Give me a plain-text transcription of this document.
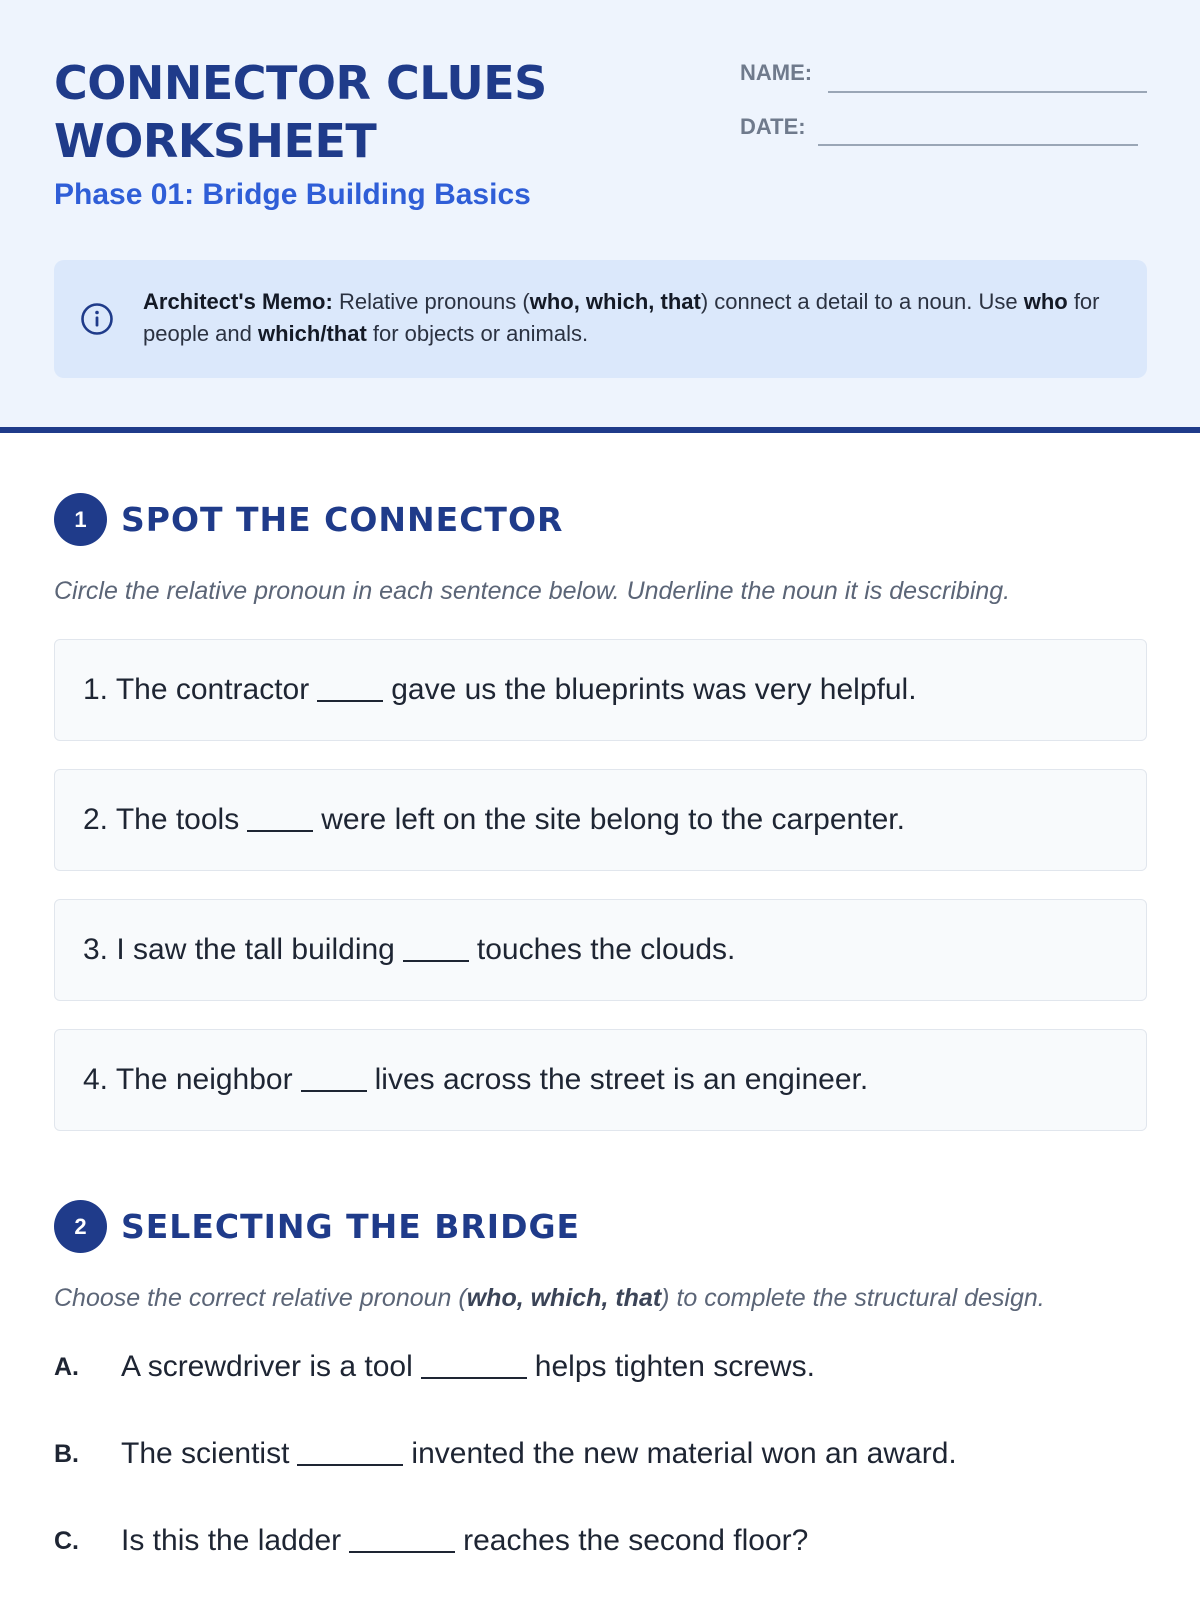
CONNECTOR CLUES WORKSHEET
Phase 01: Bridge Building Basics
NAME:
DATE:
Architect's Memo: Relative pronouns (who, which, that) connect a detail to a noun. Use who for people and which/that for objects or animals.
1	SPOT THE CONNECTOR
Circle the relative pronoun in each sentence below. Underline the noun it is describing.
1. The contractor	gave us the blueprints was very helpful.
2. The tools	were left on the site belong to the carpenter.
3. I saw the tall building	touches the clouds.
4. The neighbor	lives across the street is an engineer.
2	SELECTING THE BRIDGE
Choose the correct relative pronoun (who, which, that) to complete the structural design.
A.	A screwdriver is a tool	helps tighten screws.
B.	The scientist	invented the new material won an award.
C.	Is this the ladder	reaches the second floor?
